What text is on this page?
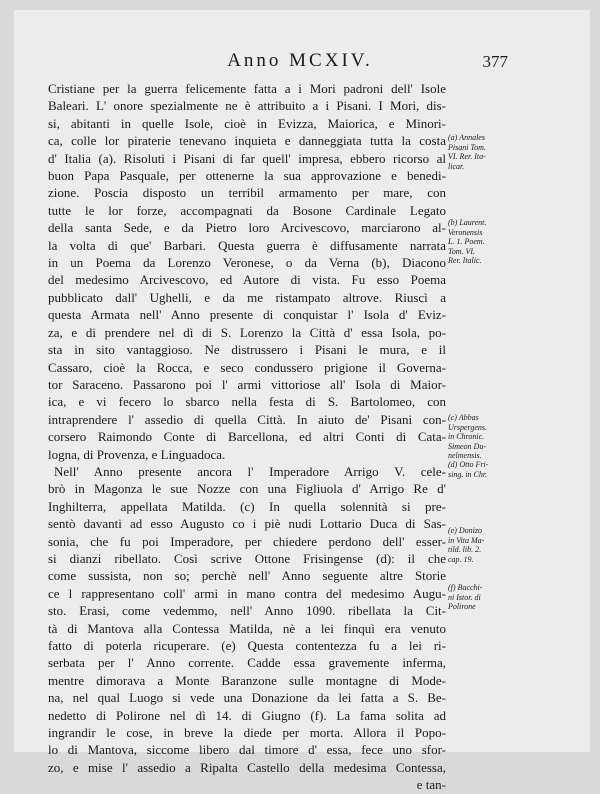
Anno MCXIV.	377
Cristiane per la guerra felicemente fatta a i Mori padroni dell' Isole
Baleari. L' onore spezialmente ne è attribuito a i Pisani. I Mori, dis-
si, abitanti in quelle Isole, cioè in Evizza, Maiorica, e Minori-
ca, colle lor piraterie tenevano inquieta e danneggiata tutta la costa
d' Italia (a). Risoluti i Pisani di far quell' impresa, ebbero ricorso al
buon Papa Pasquale, per ottenerne la sua approvazione e benedi-
zione. Poscia disposto un terribil armamento per mare, con
tutte le lor forze, accompagnati da Bosone Cardinale Legato
della santa Sede, e da Pietro loro Arcivescovo, marciarono al-
la volta di que' Barbari. Questa guerra è diffusamente narrata
in un Poema da Lorenzo Veronese, o da Verna (b), Diacono
del medesimo Arcivescovo, ed Autore di vista. Fu esso Poema
pubblicato dall' Ughelli, e da me ristampato altrove. Riuscì a
questa Armata nell' Anno presente di conquistar l' Isola d' Eviz-
za, e di prendere nel dì di S. Lorenzo la Città d' essa Isola, po-
sta in sito vantaggioso. Ne distrussero i Pisani le mura, e il
Cassaro, cioè la Rocca, e seco condussero prigione il Governa-
tor Saraceno. Passarono poi l' armi vittoriose all' Isola di Maior-
ica, e vi fecero lo sbarco nella festa di S. Bartolomeo, con
intraprendere l' assedio di quella Città. In aiuto de' Pisani con-
corsero Raimondo Conte di Barcellona, ed altri Conti di Cata-
logna, di Provenza, e Linguadoca.
Nell' Anno presente ancora l' Imperadore Arrigo V. cele-
brò in Magonza le sue Nozze con una Figliuola d' Arrigo Re d'
Inghilterra, appellata Matilda. (c) In quella solennità si pre-
sentò davanti ad esso Augusto co i piè nudi Lottario Duca di Sas-
sonia, che fu poi Imperadore, per chiedere perdono dell' esser-
si dianzi ribellato. Così scrive Ottone Frisingense (d): il che
come sussista, non so; perchè nell' Anno seguente altre Storie
ce l rappresentano coll' armi in mano contra del medesimo Augu-
sto. Erasi, come vedemmo, nell' Anno 1090. ribellata la Cit-
tà di Mantova alla Contessa Matilda, nè a lei finquì era venuto
fatto di poterla ricuperare. (e) Questa contentezza fu a lei ri-
serbata per l' Anno corrente. Cadde essa gravemente inferma,
mentre dimorava a Monte Baranzone sulle montagne di Mode-
na, nel qual Luogo si vede una Donazione da lei fatta a S. Be-
nedetto di Polirone nel dì 14. di Giugno (f). La fama solita ad
ingrandir le cose, in breve la diede per morta. Allora il Popo-
lo di Mantova, siccome libero dal timore d' essa, fece uno sfor-
zo, e mise l' assedio a Ripalta Castello della medesima Contessa,
e tan-
(a) Annales
Pisani Tom.
VI. Rer. Ita-
licar.
(b) Laurent.
Veronensis
L. 1. Poem.
Tom. VI.
Rer. Italic.
(c) Abbas
Urspergens.
in Chronic.
Simeon Du-
nelmensis.
(d) Otto Fri-
sing. in Chr.
(e) Donizo
in Vita Ma-
tild. lib. 2.
cap. 19.
(f) Bacchi-
ni Istor. di
Polirone
